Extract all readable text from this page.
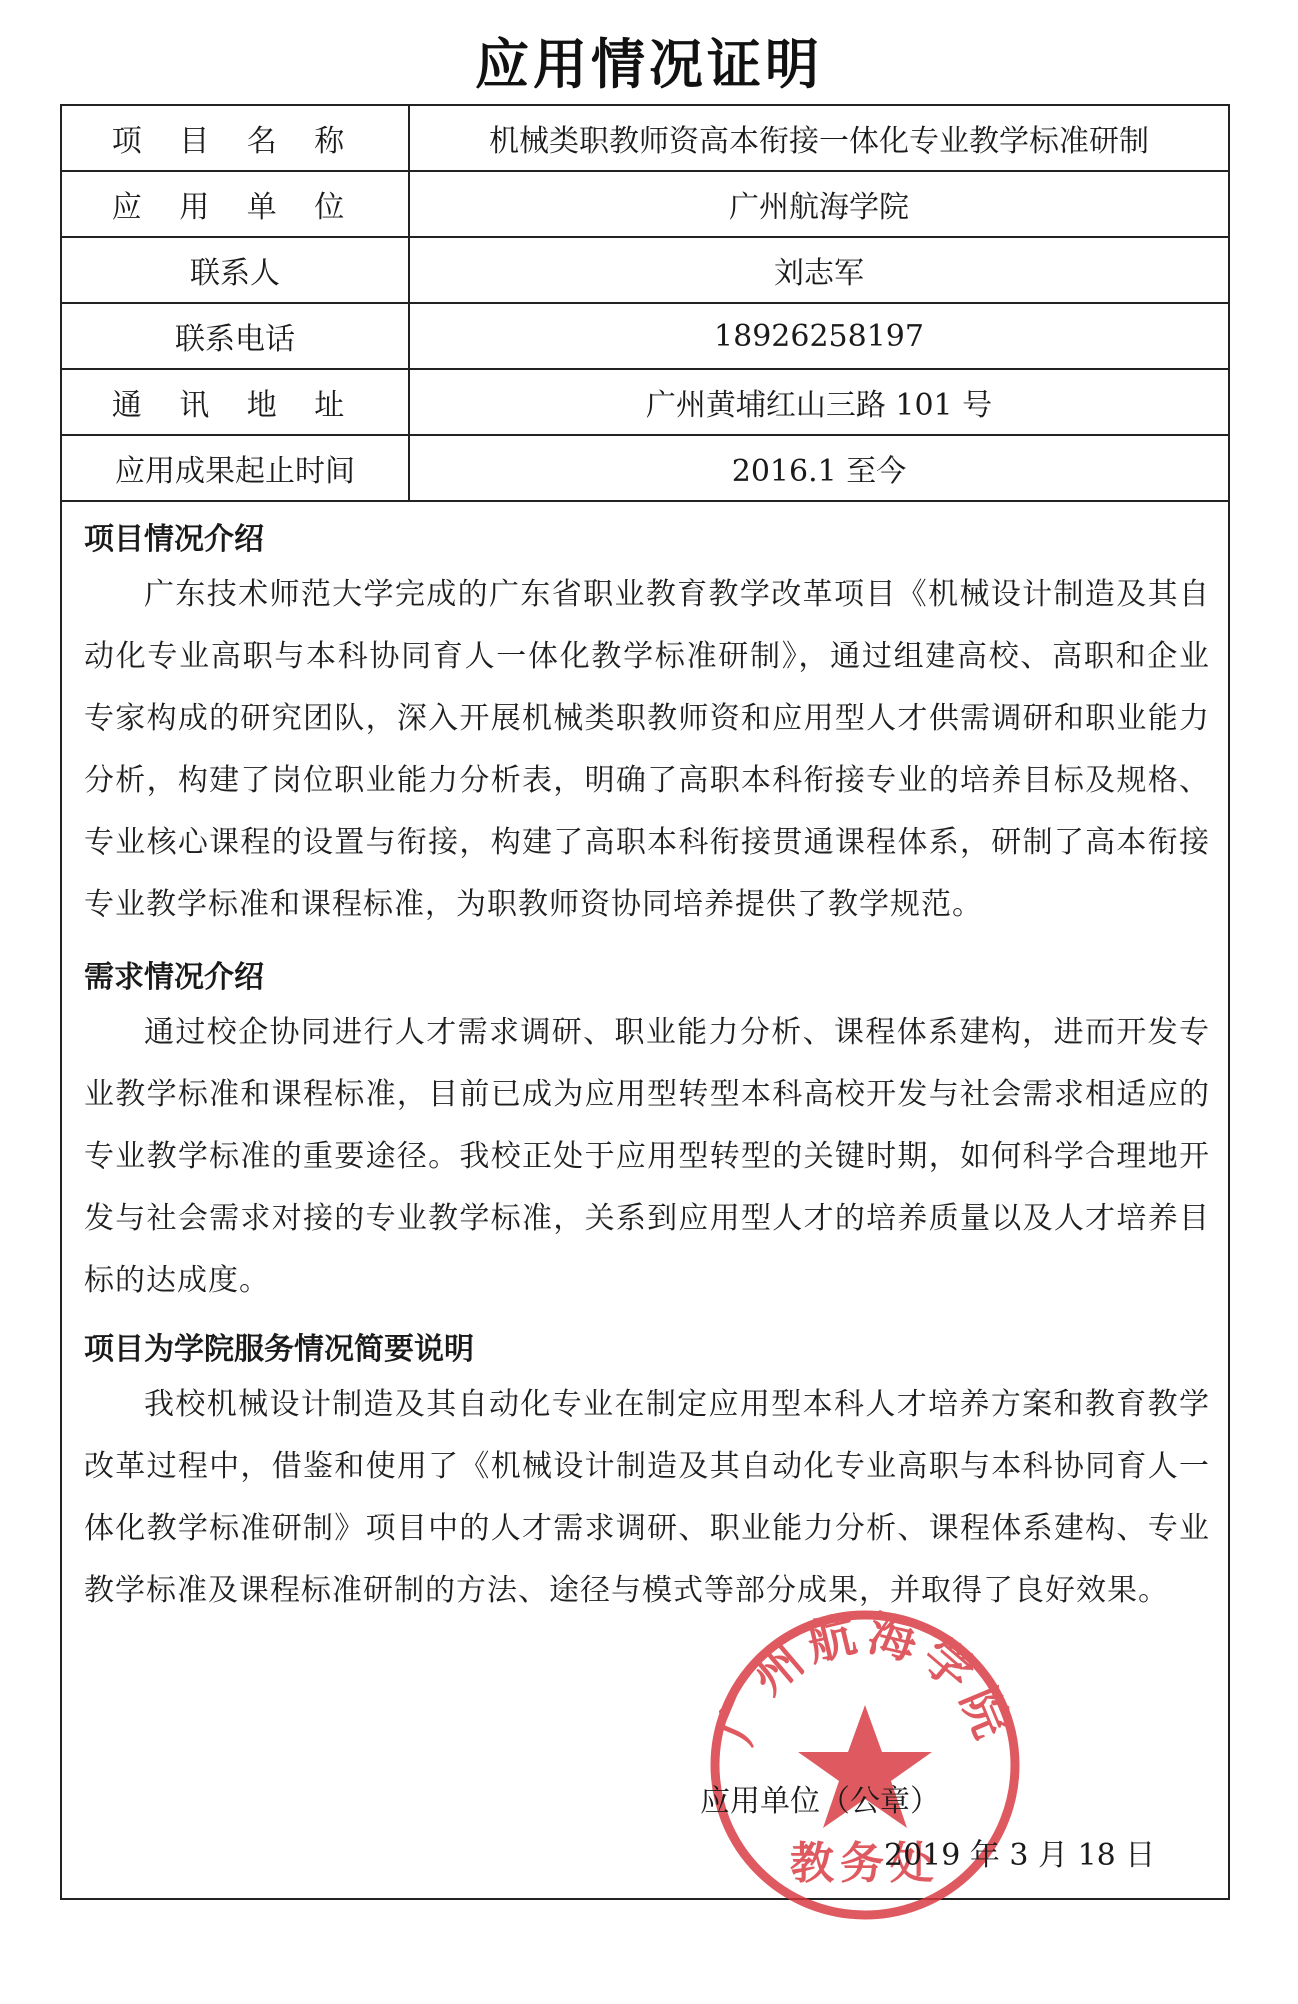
应用情况证明
项 目 名 称	机械类职教师资高本衔接一体化专业教学标准研制
应 用 单 位	广州航海学院
联系人	刘志军
联系电话	18926258197
通 讯 地 址	广州黄埔红山三路 101 号
应用成果起止时间	2016.1 至今

项目情况介绍

广东技术师范大学完成的广东省职业教育教学改革项目《机械设计制造及其自动化专业高职与本科协同育人一体化教学标准研制》，通过组建高校、高职和企业专家构成的研究团队，深入开展机械类职教师资和应用型人才供需调研和职业能力分析，构建了岗位职业能力分析表，明确了高职本科衔接专业的培养目标及规格、专业核心课程的设置与衔接，构建了高职本科衔接贯通课程体系，研制了高本衔接专业教学标准和课程标准，为职教师资协同培养提供了教学规范。

需求情况介绍

通过校企协同进行人才需求调研、职业能力分析、课程体系建构，进而开发专业教学标准和课程标准，目前已成为应用型转型本科高校开发与社会需求相适应的专业教学标准的重要途径。我校正处于应用型转型的关键时期，如何科学合理地开发与社会需求对接的专业教学标准，关系到应用型人才的培养质量以及人才培养目标的达成度。

项目为学院服务情况简要说明

我校机械设计制造及其自动化专业在制定应用型本科人才培养方案和教育教学改革过程中，借鉴和使用了《机械设计制造及其自动化专业高职与本科协同育人一体化教学标准研制》项目中的人才需求调研、职业能力分析、课程体系建构、专业教学标准及课程标准研制的方法、途径与模式等部分成果，并取得了良好效果。

广州航海学院
教务处
应用单位（公章）
2019 年 3 月 18 日
